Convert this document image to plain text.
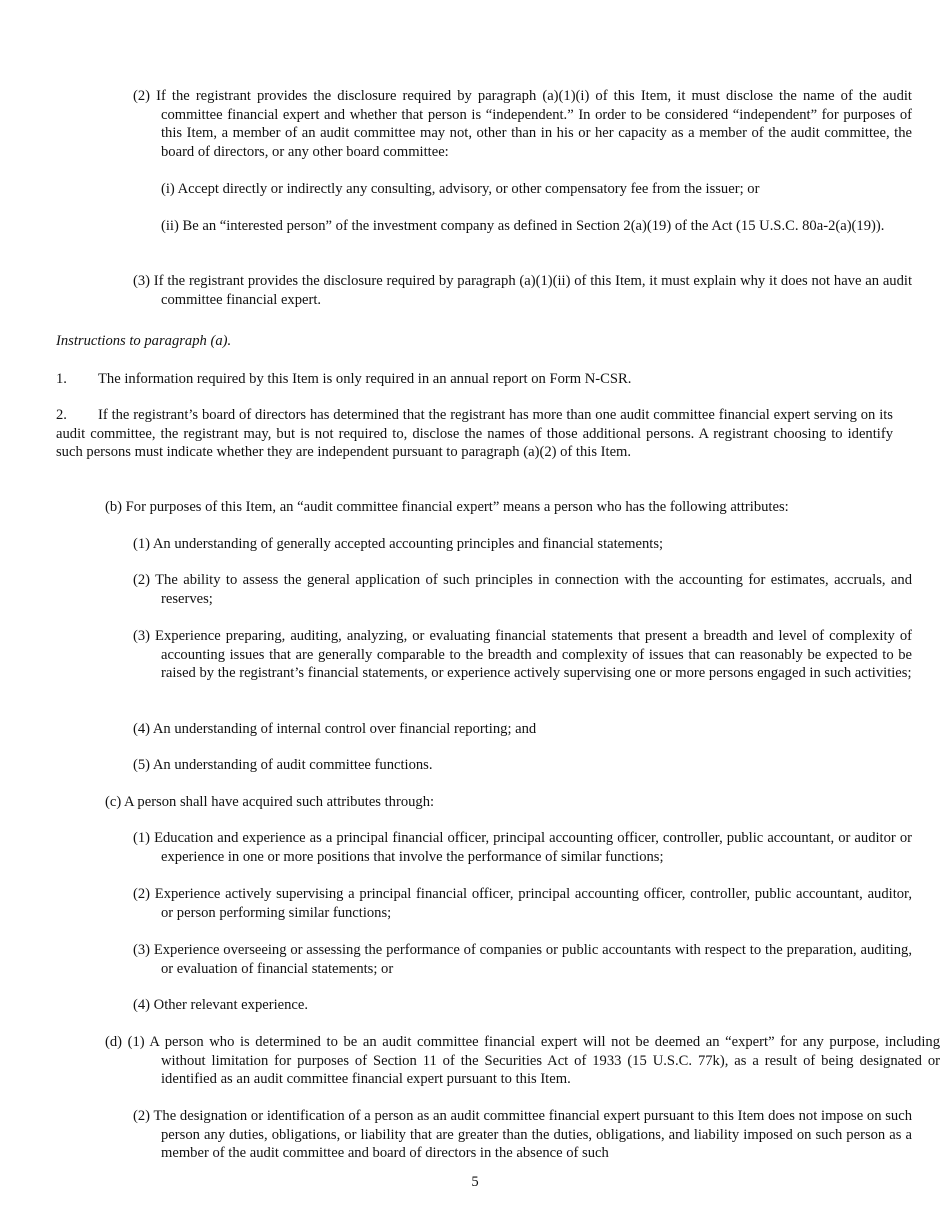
(2) If the registrant provides the disclosure required by paragraph (a)(1)(i) of this Item, it must disclose the name of the audit committee financial expert and whether that person is “independent.” In order to be considered “independent” for purposes of this Item, a member of an audit committee may not, other than in his or her capacity as a member of the audit committee, the board of directors, or any other board committee:

(i) Accept directly or indirectly any consulting, advisory, or other compensatory fee from the issuer; or

(ii) Be an “interested person” of the investment company as defined in Section 2(a)(19) of the Act (15 U.S.C. 80a-2(a)(19)).

(3) If the registrant provides the disclosure required by paragraph (a)(1)(ii) of this Item, it must explain why it does not have an audit committee financial expert.

Instructions to paragraph (a).

1. The information required by this Item is only required in an annual report on Form N-CSR.
2. If the registrant’s board of directors has determined that the registrant has more than one audit committee financial expert serving on its audit committee, the registrant may, but is not required to, disclose the names of those additional persons. A registrant choosing to identify such persons must indicate whether they are independent pursuant to paragraph (a)(2) of this Item.

(b) For purposes of this Item, an “audit committee financial expert” means a person who has the following attributes:

(1) An understanding of generally accepted accounting principles and financial statements;

(2) The ability to assess the general application of such principles in connection with the accounting for estimates, accruals, and reserves;

(3) Experience preparing, auditing, analyzing, or evaluating financial statements that present a breadth and level of complexity of accounting issues that are generally comparable to the breadth and complexity of issues that can reasonably be expected to be raised by the registrant’s financial statements, or experience actively supervising one or more persons engaged in such activities;

(4) An understanding of internal control over financial reporting; and

(5) An understanding of audit committee functions.

(c) A person shall have acquired such attributes through:

(1) Education and experience as a principal financial officer, principal accounting officer, controller, public accountant, or auditor or experience in one or more positions that involve the performance of similar functions;

(2) Experience actively supervising a principal financial officer, principal accounting officer, controller, public accountant, auditor, or person performing similar functions;

(3) Experience overseeing or assessing the performance of companies or public accountants with respect to the preparation, auditing, or evaluation of financial statements; or

(4) Other relevant experience.

(d) (1) A person who is determined to be an audit committee financial expert will not be deemed an “expert” for any purpose, including without limitation for purposes of Section 11 of the Securities Act of 1933 (15 U.S.C. 77k), as a result of being designated or identified as an audit committee financial expert pursuant to this Item.

(2) The designation or identification of a person as an audit committee financial expert pursuant to this Item does not impose on such person any duties, obligations, or liability that are greater than the duties, obligations, and liability imposed on such person as a member of the audit committee and board of directors in the absence of such

5
